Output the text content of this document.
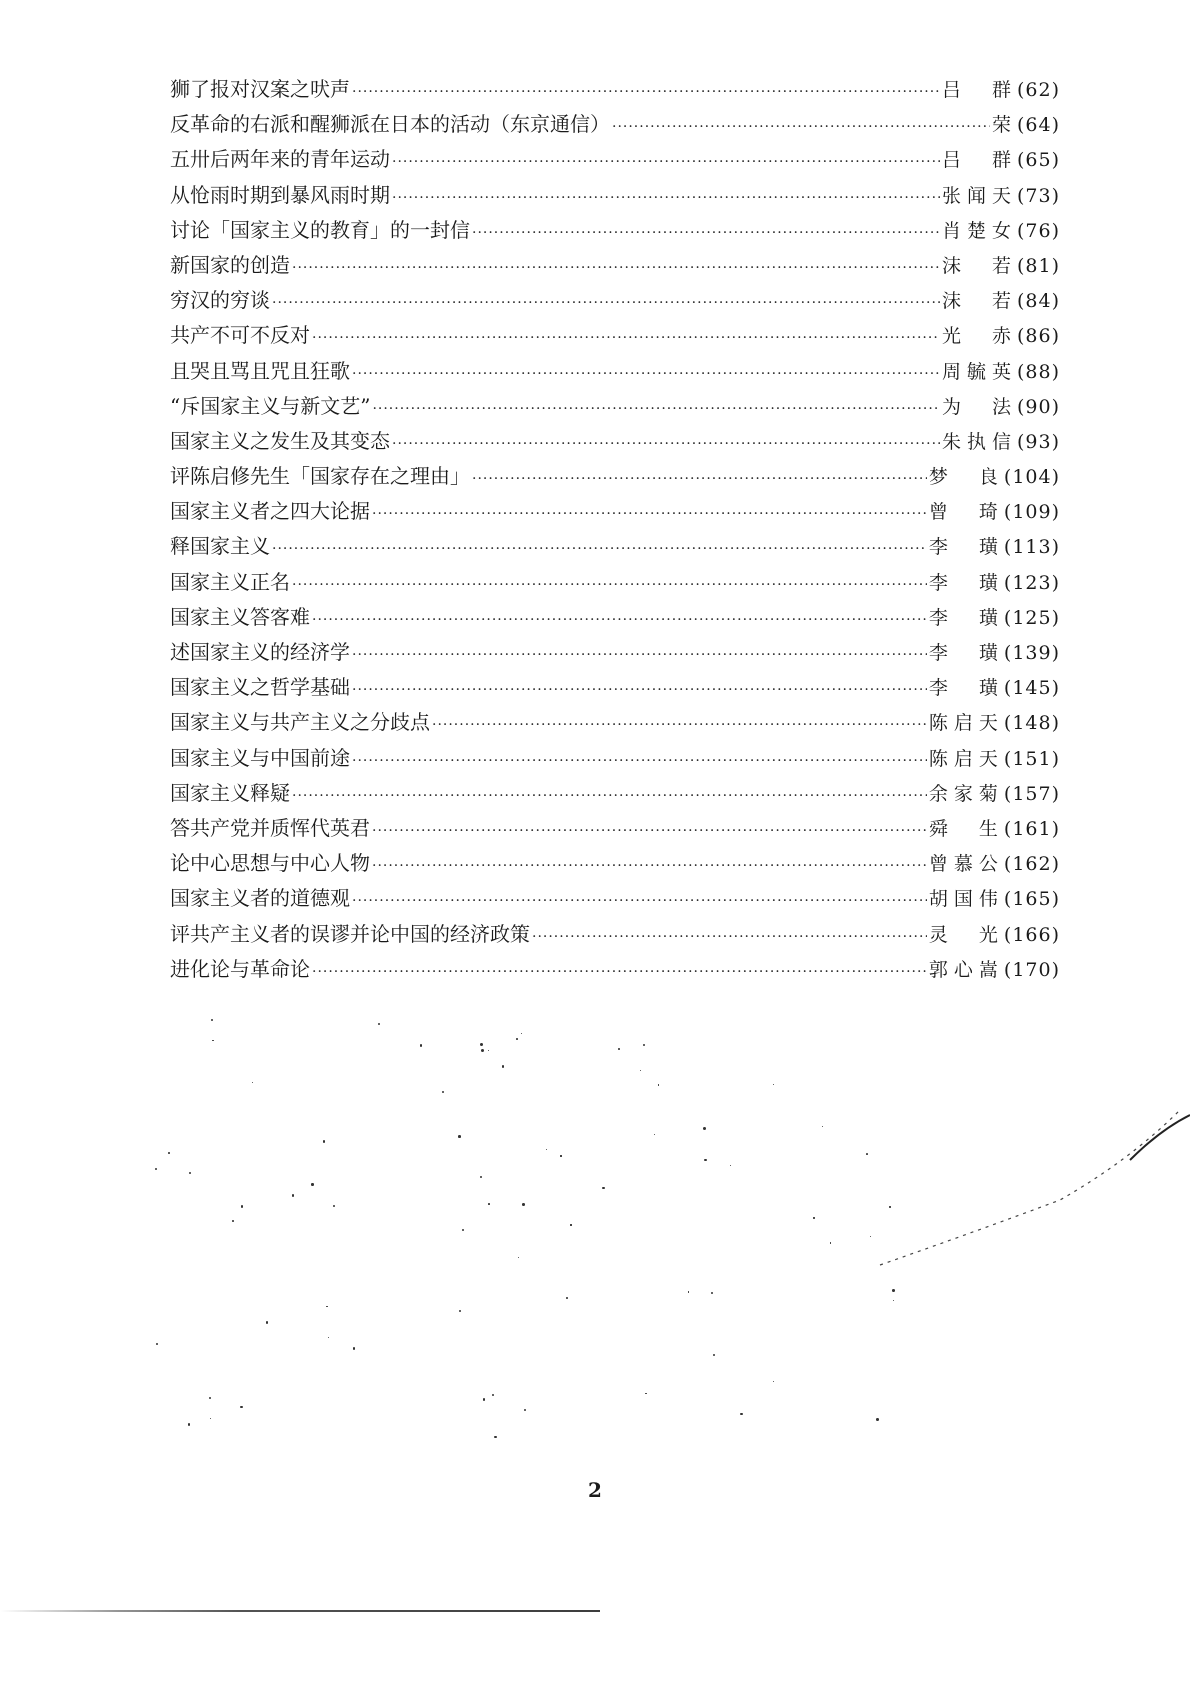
狮了报对汉案之吠声 ·····	吕　群 (62)
反革命的右派和醒狮派在日本的活动（东京通信） ·····	荣 (64)
五卅后两年来的青年运动 ·····	吕　群 (65)
从怆雨时期到暴风雨时期 ·····	张闻天 (73)
讨论「国家主义的教育」的一封信 ·····	肖楚女 (76)
新国家的创造 ·····	沫　若 (81)
穷汉的穷谈 ·····	沫　若 (84)
共产不可不反对 ·····	光　赤 (86)
且哭且骂且咒且狂歌 ·····	周毓英 (88)
“斥国家主义与新文艺” ·····	为　法 (90)
国家主义之发生及其变态 ·····	朱执信 (93)
评陈启修先生「国家存在之理由」 ·····	梦　良 (104)
国家主义者之四大论据 ·····	曾　琦 (109)
释国家主义 ·····	李　璜 (113)
国家主义正名 ·····	李　璜 (123)
国家主义答客难 ·····	李　璜 (125)
述国家主义的经济学 ·····	李　璜 (139)
国家主义之哲学基础 ·····	李　璜 (145)
国家主义与共产主义之分歧点 ·····	陈启天 (148)
国家主义与中国前途 ·····	陈启天 (151)
国家主义释疑 ·····	余家菊 (157)
答共产党并质恽代英君 ·····	舜　生 (161)
论中心思想与中心人物 ·····	曾慕公 (162)
国家主义者的道德观 ·····	胡国伟 (165)
评共产主义者的误谬并论中国的经济政策 ·····	灵　光 (166)
进化论与革命论 ·····	郭心嵩 (170)
2
